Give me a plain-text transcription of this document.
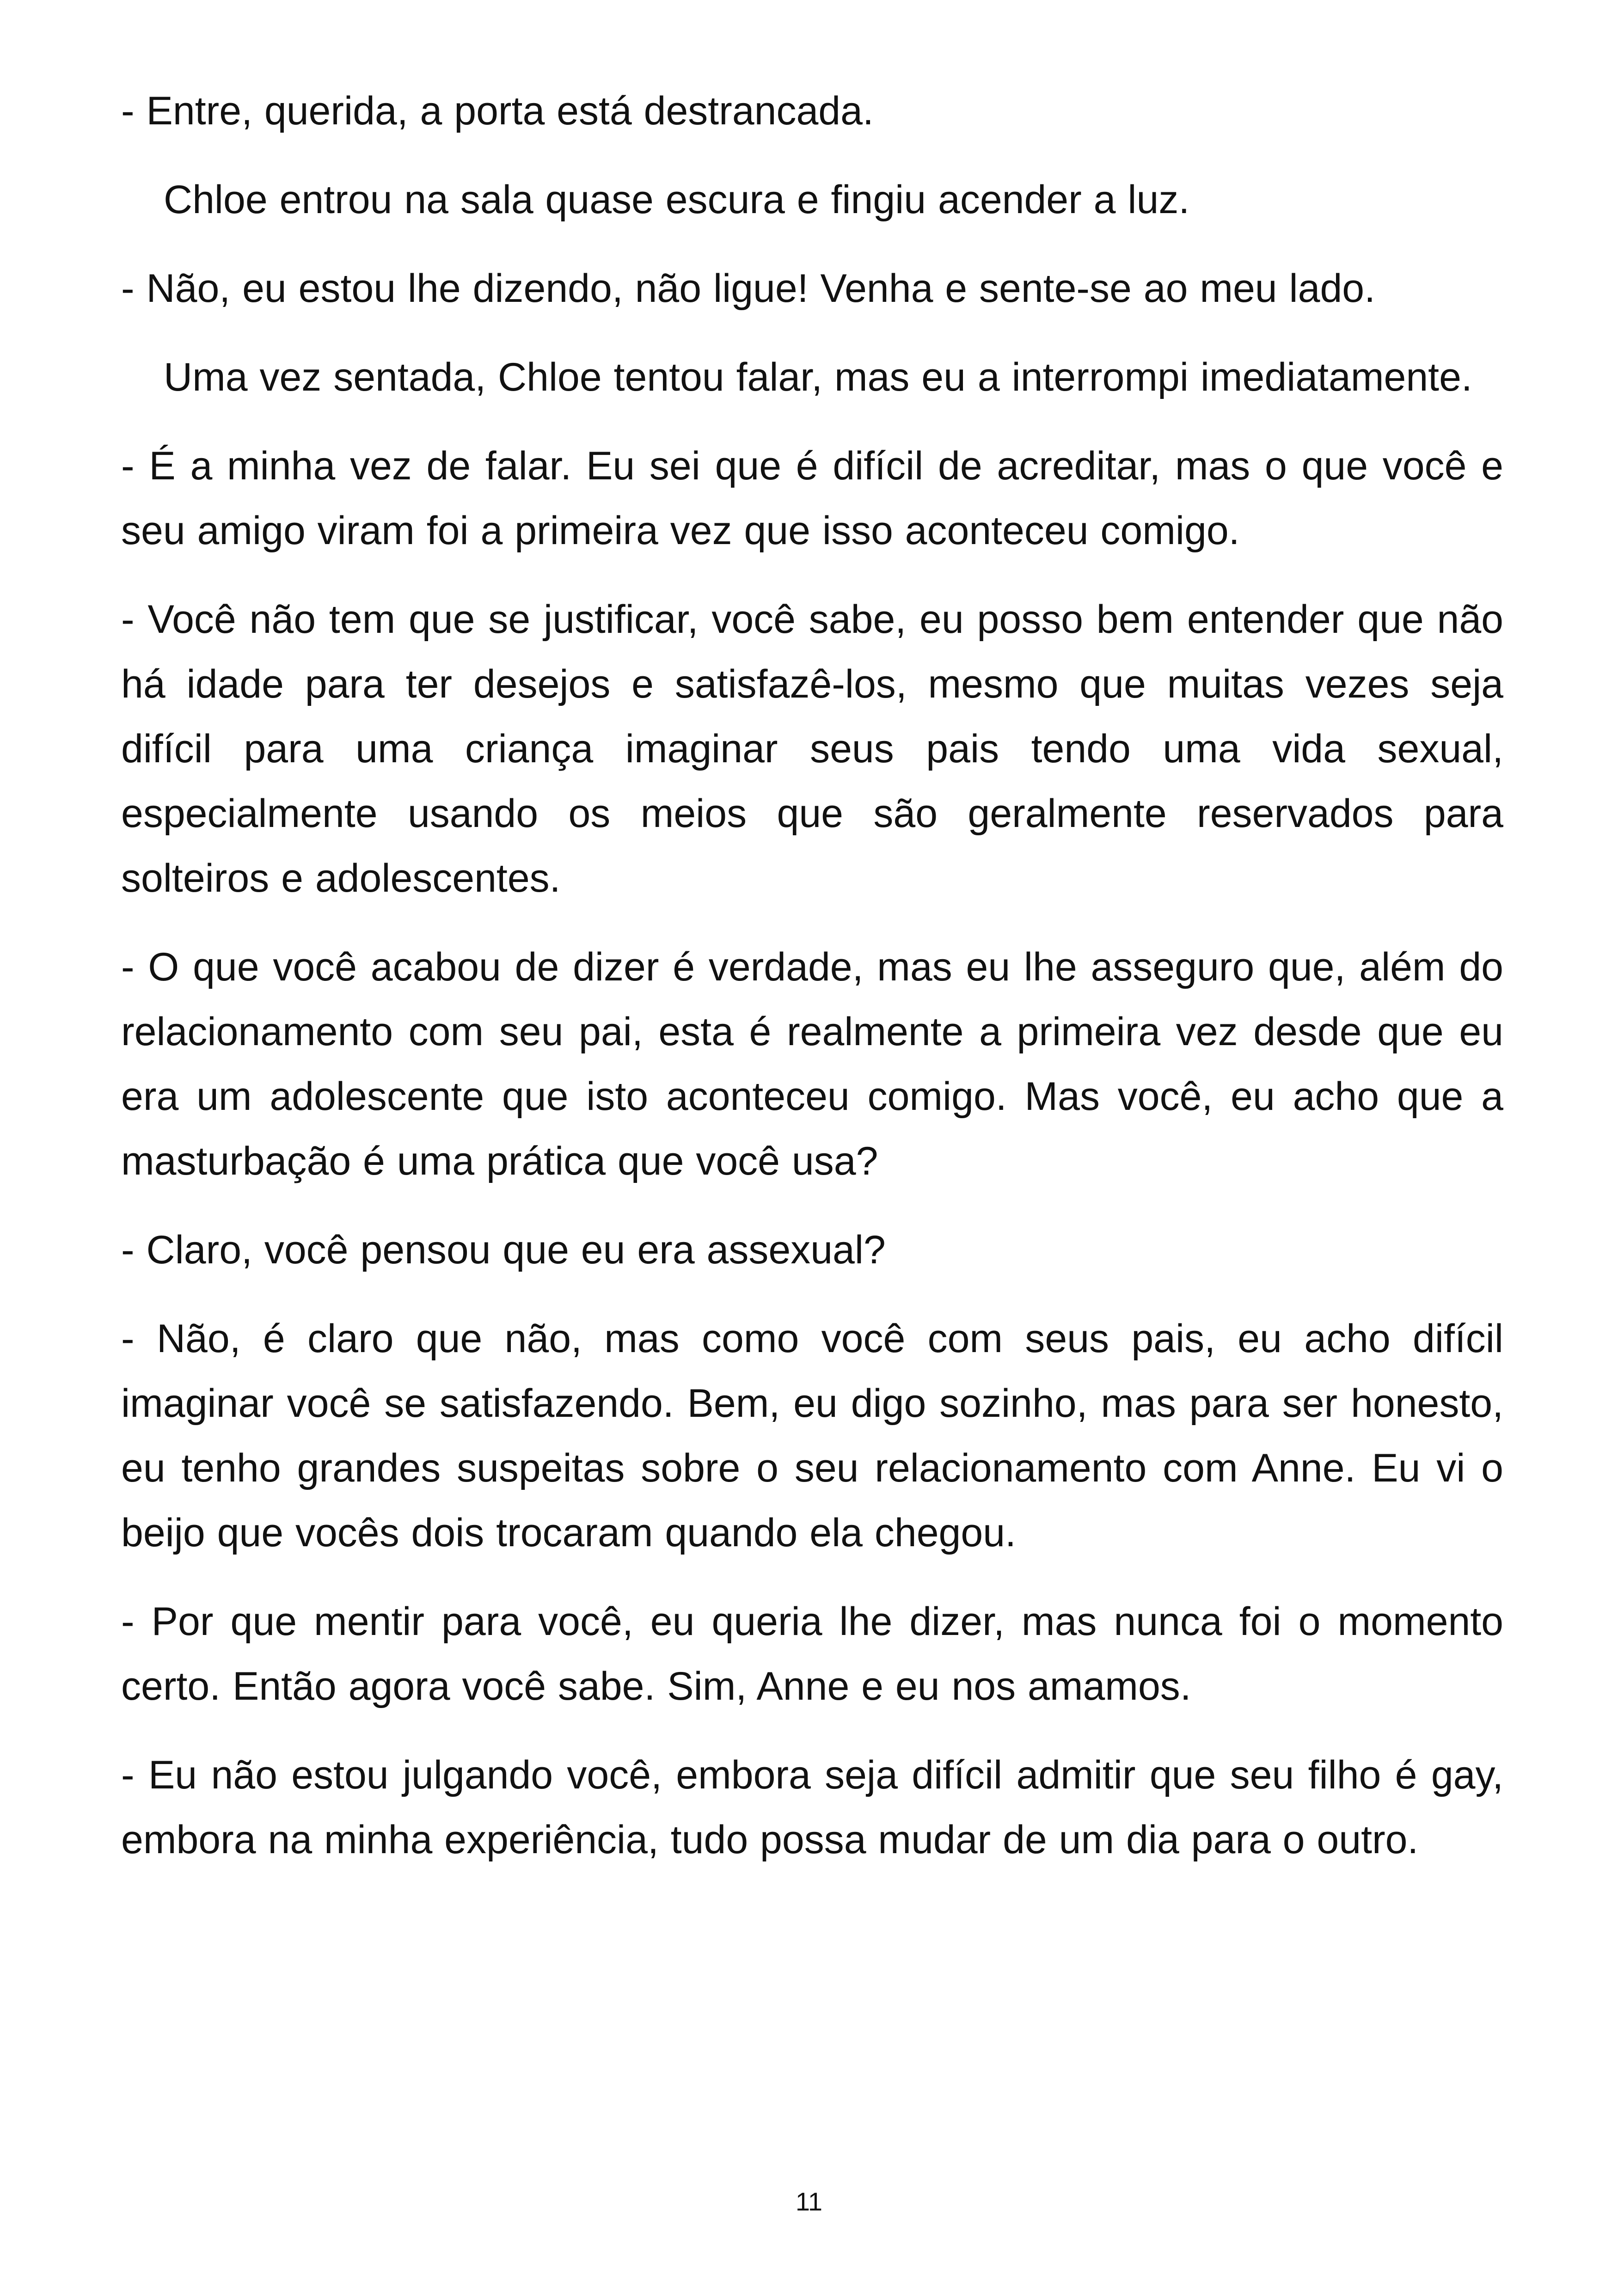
- Entre, querida, a porta está destrancada.

Chloe entrou na sala quase escura e fingiu acender a luz.

- Não, eu estou lhe dizendo, não ligue! Venha e sente-se ao meu lado.

Uma vez sentada, Chloe tentou falar, mas eu a interrompi imediatamente.

- É a minha vez de falar. Eu sei que é difícil de acreditar, mas o que você e seu amigo viram foi a primeira vez que isso aconteceu comigo.

- Você não tem que se justificar, você sabe, eu posso bem entender que não há idade para ter desejos e satisfazê-los, mesmo que muitas vezes seja difícil para uma criança imaginar seus pais tendo uma vida sexual, especialmente usando os meios que são geralmente reservados para solteiros e adolescentes.

- O que você acabou de dizer é verdade, mas eu lhe asseguro que, além do relacionamento com seu pai, esta é realmente a primeira vez desde que eu era um adolescente que isto aconteceu comigo. Mas você, eu acho que a masturbação é uma prática que você usa?

- Claro, você pensou que eu era assexual?

- Não, é claro que não, mas como você com seus pais, eu acho difícil imaginar você se satisfazendo. Bem, eu digo sozinho, mas para ser honesto, eu tenho grandes suspeitas sobre o seu relacionamento com Anne. Eu vi o beijo que vocês dois trocaram quando ela chegou.

- Por que mentir para você, eu queria lhe dizer, mas nunca foi o momento certo. Então agora você sabe. Sim, Anne e eu nos amamos.

- Eu não estou julgando você, embora seja difícil admitir que seu filho é gay, embora na minha experiência, tudo possa mudar de um dia para o outro.

11
